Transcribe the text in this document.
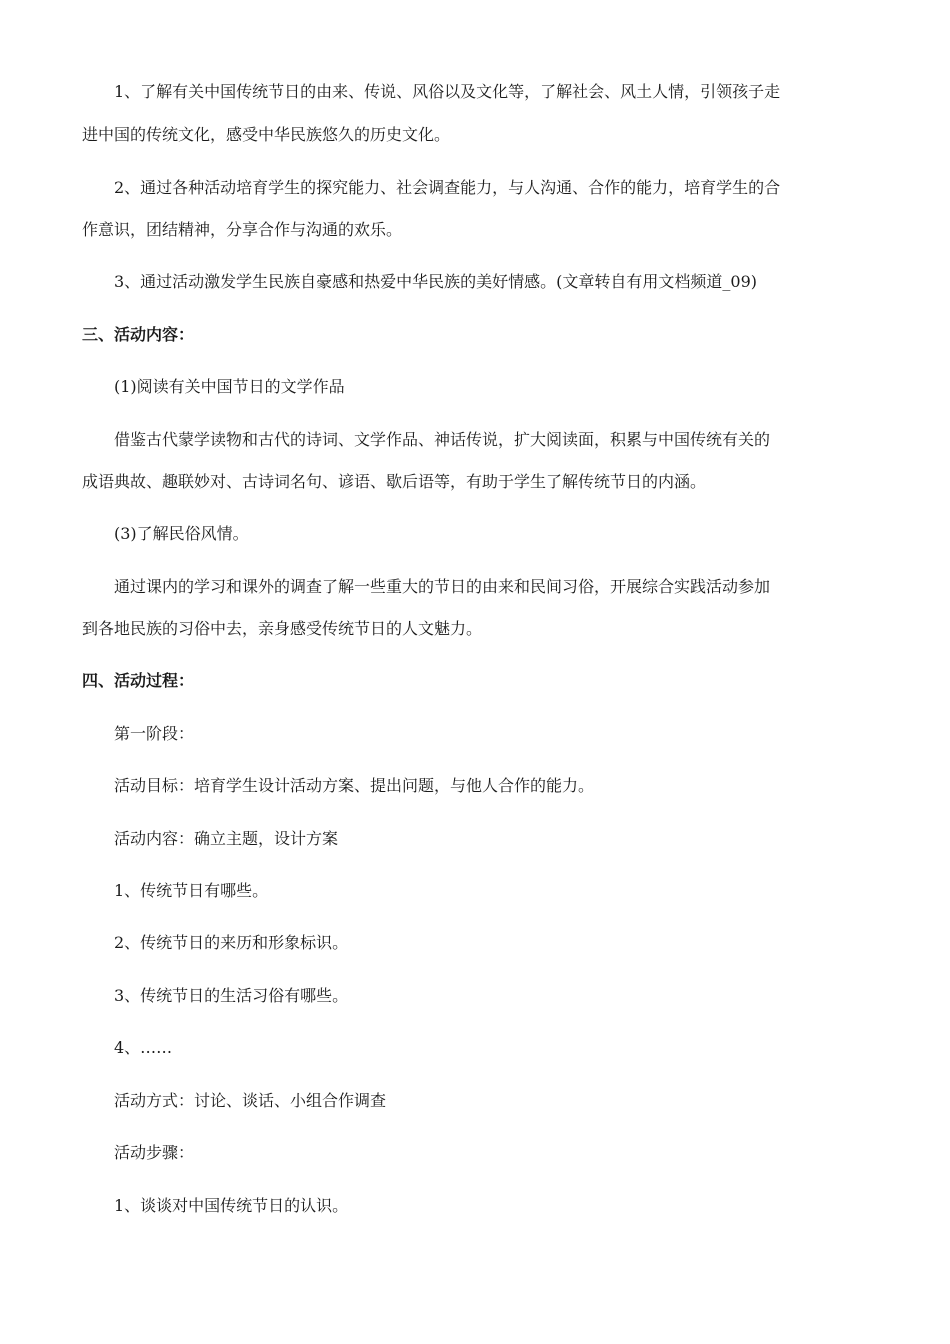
1、了解有关中国传统节日的由来、传说、风俗以及文化等，了解社会、风土人情，引领孩子走
进中国的传统文化，感受中华民族悠久的历史文化。
2、通过各种活动培育学生的探究能力、社会调查能力，与人沟通、合作的能力，培育学生的合
作意识，团结精神，分享合作与沟通的欢乐。
3、通过活动激发学生民族自豪感和热爱中华民族的美好情感。(文章转自有用文档频道_09)
三、活动内容：
(1)阅读有关中国节日的文学作品
借鉴古代蒙学读物和古代的诗词、文学作品、神话传说，扩大阅读面，积累与中国传统有关的
成语典故、趣联妙对、古诗词名句、谚语、歇后语等，有助于学生了解传统节日的内涵。
(3)了解民俗风情。
通过课内的学习和课外的调查了解一些重大的节日的由来和民间习俗，开展综合实践活动参加
到各地民族的习俗中去，亲身感受传统节日的人文魅力。
四、活动过程：
第一阶段：
活动目标：培育学生设计活动方案、提出问题，与他人合作的能力。
活动内容：确立主题，设计方案
1、传统节日有哪些。
2、传统节日的来历和形象标识。
3、传统节日的生活习俗有哪些。
4、……
活动方式：讨论、谈话、小组合作调查
活动步骤：
1、谈谈对中国传统节日的认识。
